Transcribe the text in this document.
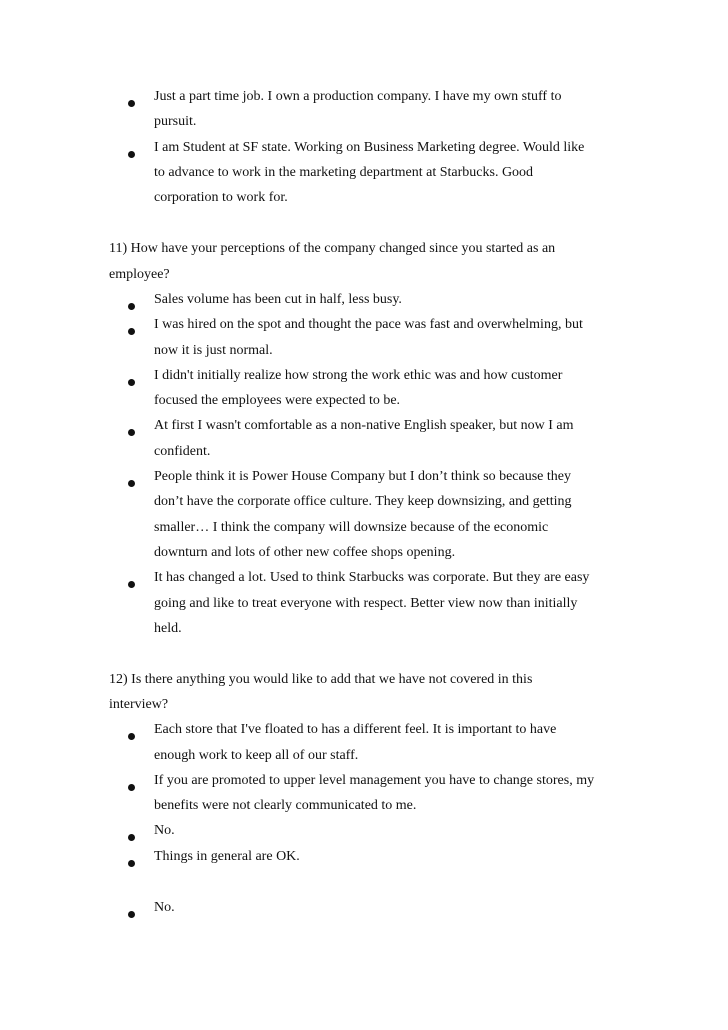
Just a part time job. I own a production company. I have my own stuff to
pursuit.
I am Student at SF state. Working on Business Marketing degree. Would like
to advance to work in the marketing department at Starbucks. Good
corporation to work for.
11) How have your perceptions of the company changed since you started as an
employee?
Sales volume has been cut in half, less busy.
I was hired on the spot and thought the pace was fast and overwhelming, but
now it is just normal.
I didn't initially realize how strong the work ethic was and how customer
focused the employees were expected to be.
At first I wasn't comfortable as a non-native English speaker, but now I am
confident.
People think it is Power House Company but I don’t think so because they
don’t have the corporate office culture. They keep downsizing, and getting
smaller… I think the company will downsize because of the economic
downturn and lots of other new coffee shops opening.
It has changed a lot. Used to think Starbucks was corporate. But they are easy
going and like to treat everyone with respect. Better view now than initially
held.
12) Is there anything you would like to add that we have not covered in this
interview?
Each store that I've floated to has a different feel. It is important to have
enough work to keep all of our staff.
If you are promoted to upper level management you have to change stores, my
benefits were not clearly communicated to me.
No.
Things in general are OK.
No.
